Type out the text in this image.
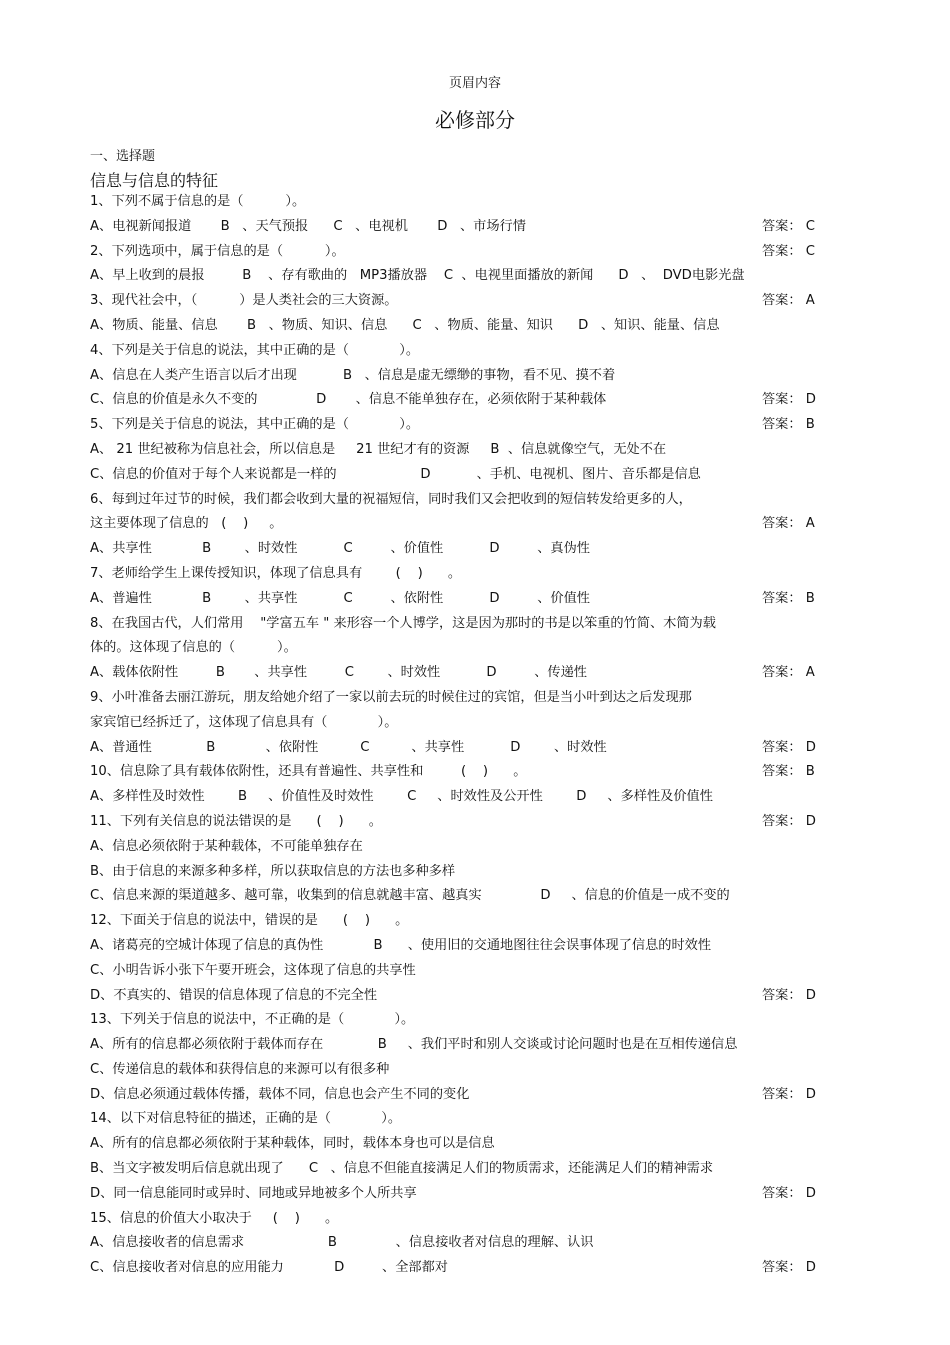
页眉内容
必修部分
一、选择题
信息与信息的特征
1、下列不属于信息的是（          ）。
A、电视新闻报道       B   、天气预报      C   、电视机       D   、市场行情	答案： C
2、下列选项中，属于信息的是（          ）。	答案： C
A、早上收到的晨报         B    、存有歌曲的   MP3播放器    C  、电视里面播放的新闻      D   、  DVD电影光盘
3、现代社会中，（          ）是人类社会的三大资源。	答案： A
A、物质、能量、信息       B   、物质、知识、信息      C   、物质、能量、知识      D   、知识、能量、信息
4、下列是关于信息的说法，其中正确的是（            ）。
A、信息在人类产生语言以后才出现           B   、信息是虚无缥缈的事物，看不见、摸不着
C、信息的价值是永久不变的              D       、信息不能单独存在，必须依附于某种载体	答案： D
5、下列是关于信息的说法，其中正确的是（            ）。	答案： B
A、 21 世纪被称为信息社会，所以信息是     21 世纪才有的资源     B  、信息就像空气，无处不在
C、信息的价值对于每个人来说都是一样的                    D           、手机、电视机、图片、音乐都是信息
6、每到过年过节的时候，我们都会收到大量的祝福短信，同时我们又会把收到的短信转发给更多的人，
这主要体现了信息的   (    )     。	答案： A
A、共享性            B        、时效性           C         、价值性           D         、真伪性
7、老师给学生上课传授知识，体现了信息具有        (    )      。
A、普遍性            B        、共享性           C         、依附性           D         、价值性	答案： B
8、在我国古代，人们常用    "学富五车 " 来形容一个人博学，这是因为那时的书是以笨重的竹简、木简为载
体的。这体现了信息的（          ）。
A、载体依附性         B       、共享性         C        、时效性           D         、传递性	答案： A
9、小叶准备去丽江游玩，朋友给她介绍了一家以前去玩的时候住过的宾馆，但是当小叶到达之后发现那
家宾馆已经拆迁了，这体现了信息具有（            ）。
A、普通性             B            、依附性          C          、共享性           D        、时效性	答案： D
10、信息除了具有载体依附性，还具有普遍性、共享性和         (    )      。	答案： B
A、多样性及时效性        B     、价值性及时效性        C     、时效性及公开性        D     、多样性及价值性
11、下列有关信息的说法错误的是      (    )      。	答案： D
A、信息必须依附于某种载体，不可能单独存在
B、由于信息的来源多种多样，所以获取信息的方法也多种多样
C、信息来源的渠道越多、越可靠，收集到的信息就越丰富、越真实              D     、信息的价值是一成不变的
12、下面关于信息的说法中，错误的是      (    )      。
A、诸葛亮的空城计体现了信息的真伪性            B      、使用旧的交通地图往往会误事体现了信息的时效性
C、小明告诉小张下午要开班会，这体现了信息的共享性
D、不真实的、错误的信息体现了信息的不完全性	答案： D
13、下列关于信息的说法中，不正确的是（            ）。
A、所有的信息都必须依附于载体而存在             B     、我们平时和别人交谈或讨论问题时也是在互相传递信息
C、传递信息的载体和获得信息的来源可以有很多种
D、信息必须通过载体传播，载体不同，信息也会产生不同的变化	答案： D
14、以下对信息特征的描述，正确的是（            ）。
A、所有的信息都必须依附于某种载体，同时，载体本身也可以是信息
B、当文字被发明后信息就出现了      C   、信息不但能直接满足人们的物质需求，还能满足人们的精神需求
D、同一信息能同时或异时、同地或异地被多个人所共享	答案： D
15、信息的价值大小取决于     (    )      。
A、信息接收者的信息需求                    B              、信息接收者对信息的理解、认识
C、信息接收者对信息的应用能力            D         、全部都对	答案： D
